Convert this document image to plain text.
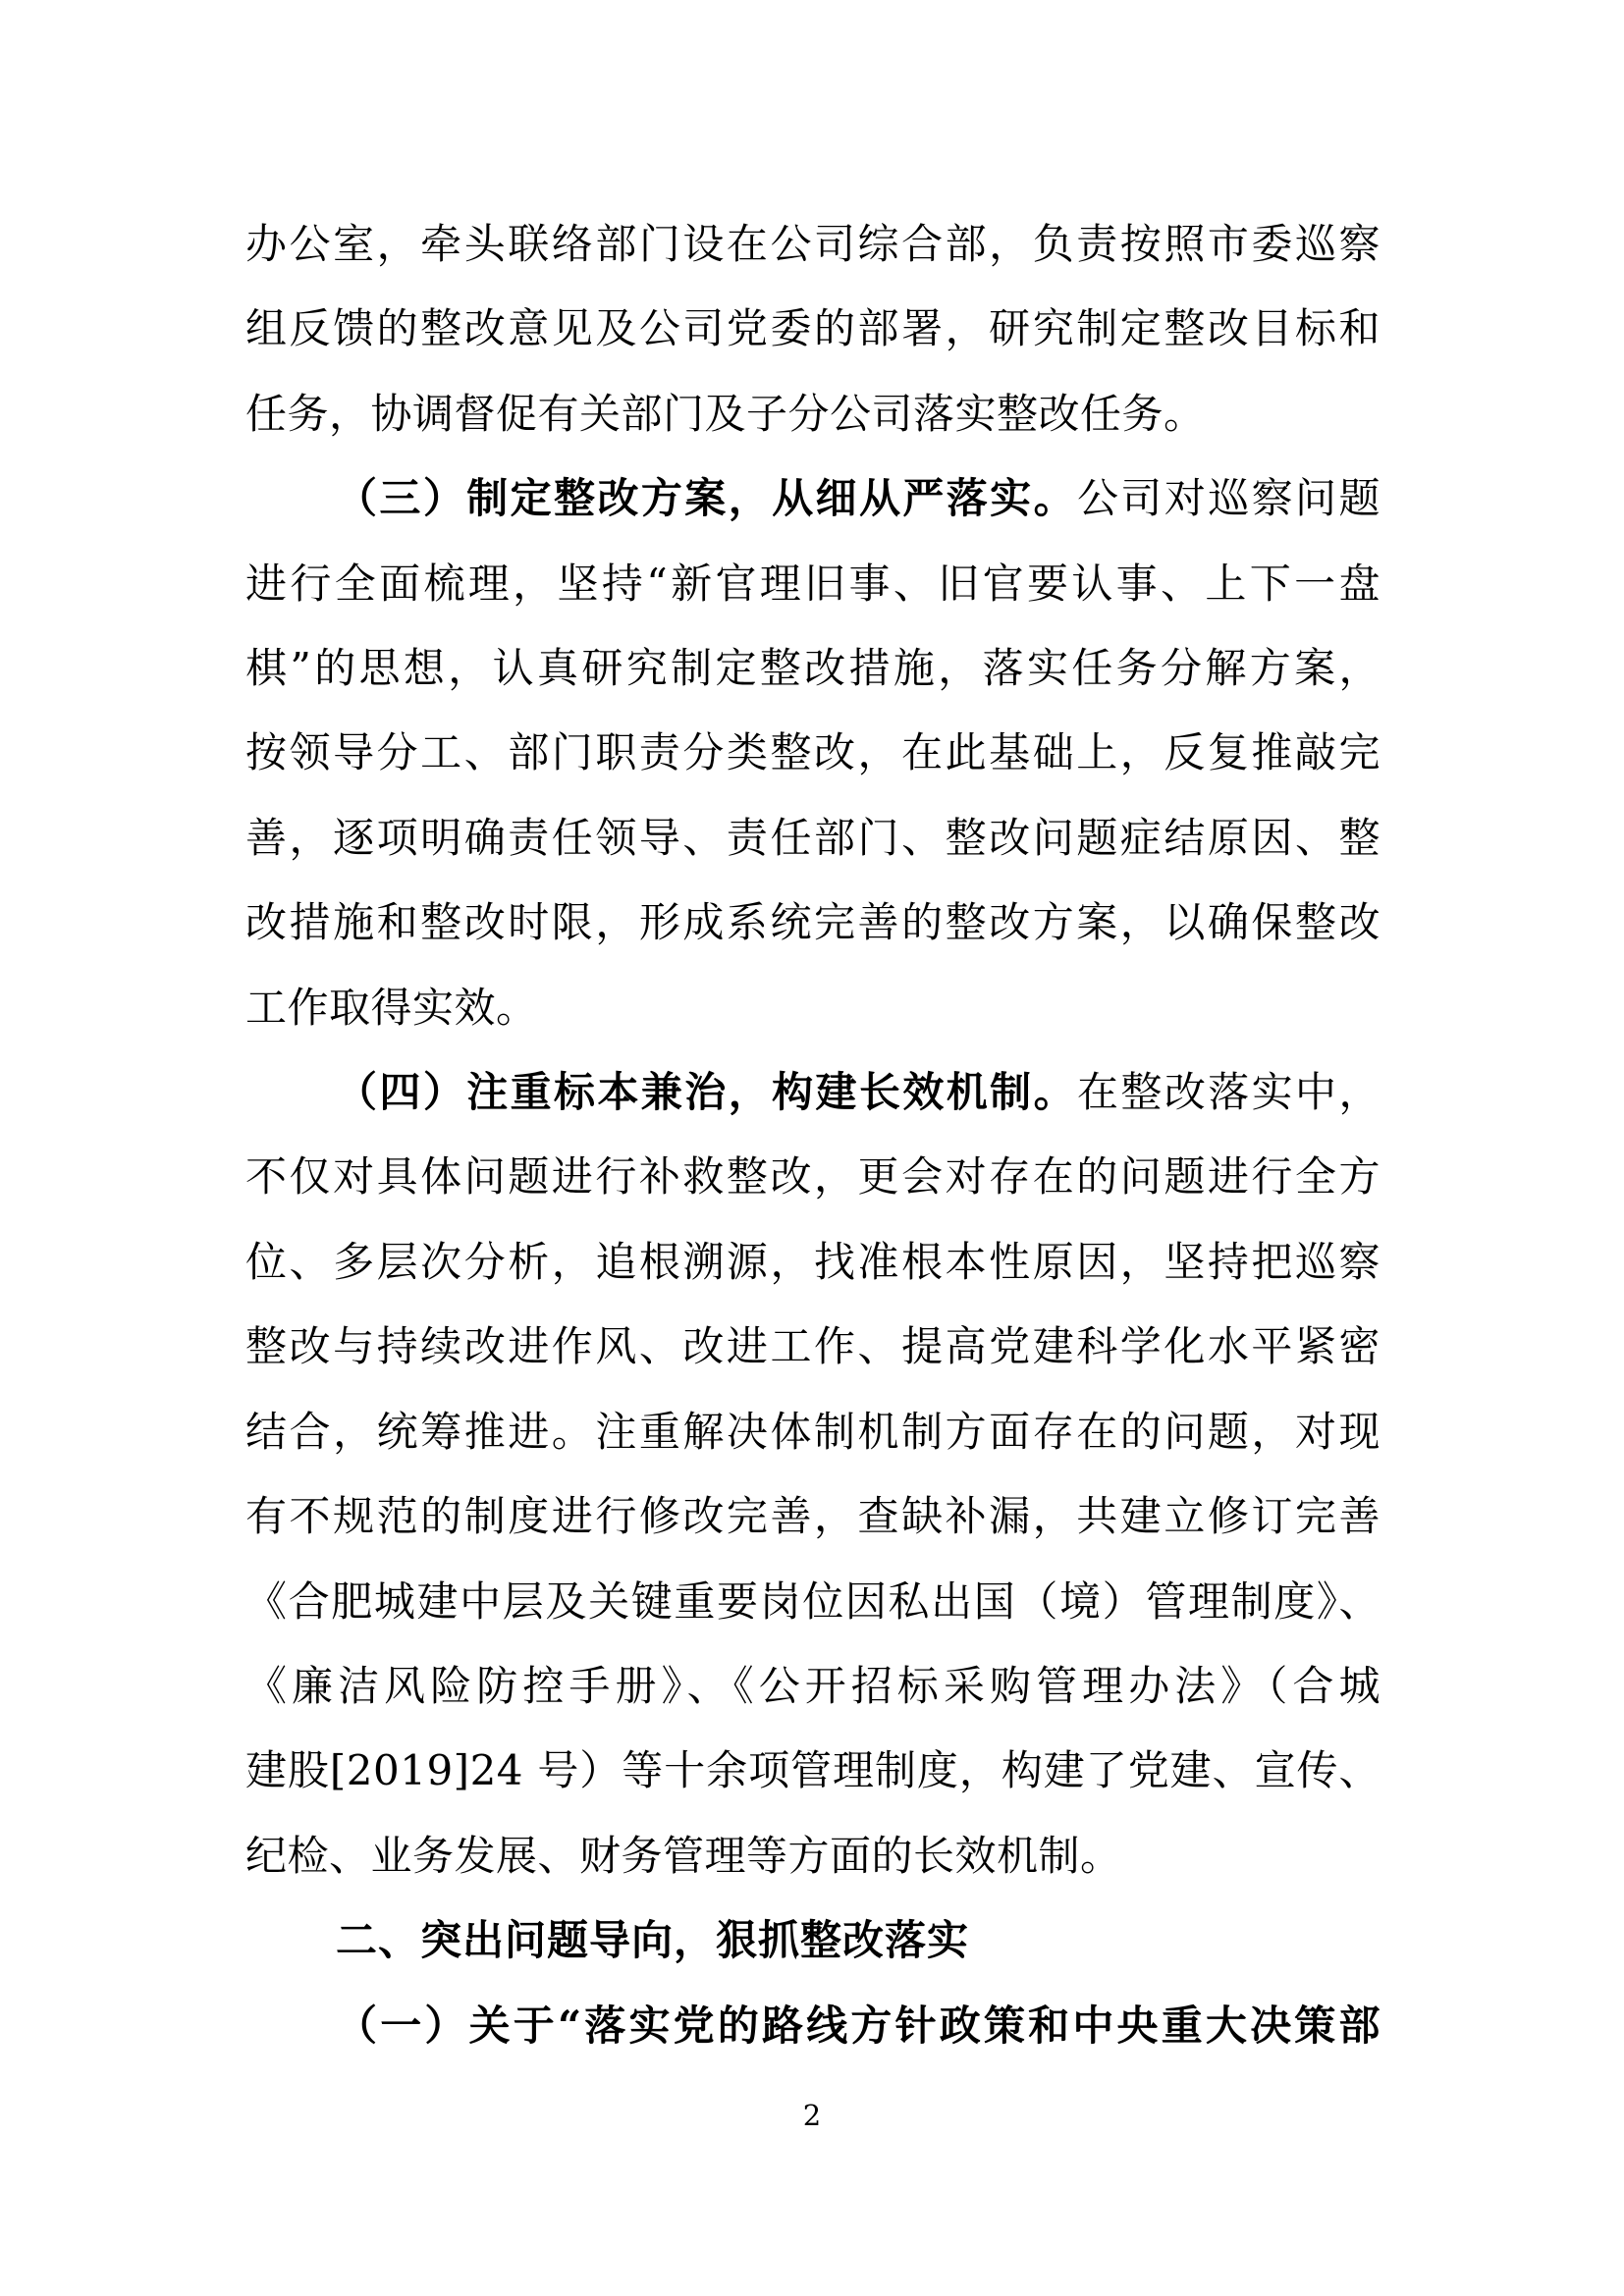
办公室，牵头联络部门设在公司综合部，负责按照市委巡察
组反馈的整改意见及公司党委的部署，研究制定整改目标和
任务，协调督促有关部门及子分公司落实整改任务。
（三）制定整改方案，从细从严落实。公司对巡察问题
进行全面梳理，坚持“新官理旧事、旧官要认事、上下一盘
棋”的思想，认真研究制定整改措施，落实任务分解方案，
按领导分工、部门职责分类整改，在此基础上，反复推敲完
善，逐项明确责任领导、责任部门、整改问题症结原因、整
改措施和整改时限，形成系统完善的整改方案，以确保整改
工作取得实效。
（四）注重标本兼治，构建长效机制。在整改落实中，
不仅对具体问题进行补救整改，更会对存在的问题进行全方
位、多层次分析，追根溯源，找准根本性原因，坚持把巡察
整改与持续改进作风、改进工作、提高党建科学化水平紧密
结合，统筹推进。注重解决体制机制方面存在的问题，对现
有不规范的制度进行修改完善，查缺补漏，共建立修订完善
《合肥城建中层及关键重要岗位因私出国（境）管理制度》、
《廉洁风险防控手册》、《公开招标采购管理办法》（合城
建股[2019]24 号）等十余项管理制度，构建了党建、宣传、
纪检、业务发展、财务管理等方面的长效机制。
二、突出问题导向，狠抓整改落实
（一）关于“落实党的路线方针政策和中央重大决策部
2
